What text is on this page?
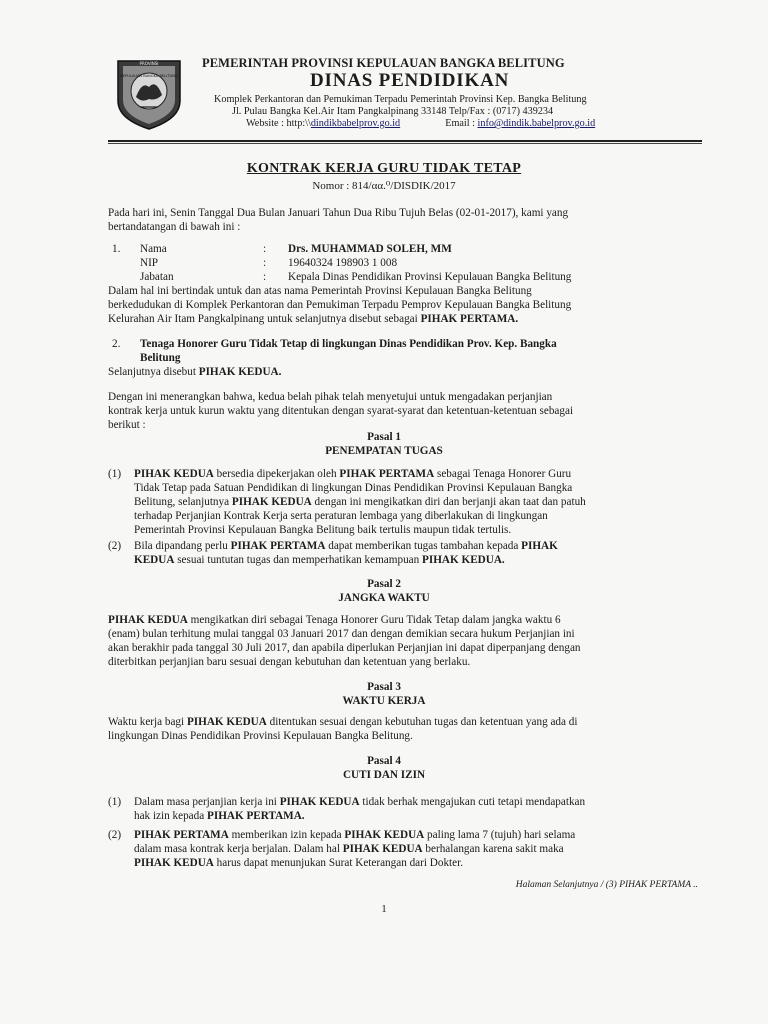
PROVINSI
KEPULAUAN BANGKA BELITUNG
PEMERINTAH PROVINSI KEPULAUAN BANGKA BELITUNG
DINAS PENDIDIKAN
Komplek Perkantoran dan Pemukiman Terpadu Pemerintah Provinsi Kep. Bangka Belitung
Jl. Pulau Bangka Kel.Air Itam Pangkalpinang 33148 Telp/Fax : (0717) 439234
Website : http:\\dindikbabelprov.go.id	Email : info@dindik.babelprov.go.id
KONTRAK KERJA GURU TIDAK TETAP
Nomor : 814/αα.⁰/DISDIK/2017
Pada hari ini, Senin Tanggal Dua Bulan Januari Tahun Dua Ribu Tujuh Belas (02-01-2017), kami yang
bertandatangan di bawah ini :
1. Nama	: Drs. MUHAMMAD SOLEH, MM
NIP	: 19640324 198903 1 008
Jabatan	: Kepala Dinas Pendidikan Provinsi Kepulauan Bangka Belitung
Dalam hal ini bertindak untuk dan atas nama Pemerintah Provinsi Kepulauan Bangka Belitung
berkedudukan di Komplek Perkantoran dan Pemukiman Terpadu Pemprov Kepulauan Bangka Belitung
Kelurahan Air Itam Pangkalpinang untuk selanjutnya disebut sebagai PIHAK PERTAMA.
2. Tenaga Honorer Guru Tidak Tetap di lingkungan Dinas Pendidikan Prov. Kep. Bangka
Belitung
Selanjutnya disebut PIHAK KEDUA.
Dengan ini menerangkan bahwa, kedua belah pihak telah menyetujui untuk mengadakan perjanjian
kontrak kerja untuk kurun waktu yang ditentukan dengan syarat-syarat dan ketentuan-ketentuan sebagai
berikut :
Pasal 1
PENEMPATAN TUGAS
(1) PIHAK KEDUA bersedia dipekerjakan oleh PIHAK PERTAMA sebagai Tenaga Honorer Guru
Tidak Tetap pada Satuan Pendidikan di lingkungan Dinas Pendidikan Provinsi Kepulauan Bangka
Belitung, selanjutnya PIHAK KEDUA dengan ini mengikatkan diri dan berjanji akan taat dan patuh
terhadap Perjanjian Kontrak Kerja serta peraturan lembaga yang diberlakukan di lingkungan
Pemerintah Provinsi Kepulauan Bangka Belitung baik tertulis maupun tidak tertulis.
(2) Bila dipandang perlu PIHAK PERTAMA dapat memberikan tugas tambahan kepada PIHAK
KEDUA sesuai tuntutan tugas dan memperhatikan kemampuan PIHAK KEDUA.
Pasal 2
JANGKA WAKTU
PIHAK KEDUA mengikatkan diri sebagai Tenaga Honorer Guru Tidak Tetap dalam jangka waktu 6
(enam) bulan terhitung mulai tanggal 03 Januari 2017 dan dengan demikian secara hukum Perjanjian ini
akan berakhir pada tanggal 30 Juli 2017, dan apabila diperlukan Perjanjian ini dapat diperpanjang dengan
diterbitkan perjanjian baru sesuai dengan kebutuhan dan ketentuan yang berlaku.
Pasal 3
WAKTU KERJA
Waktu kerja bagi PIHAK KEDUA ditentukan sesuai dengan kebutuhan tugas dan ketentuan yang ada di
lingkungan Dinas Pendidikan Provinsi Kepulauan Bangka Belitung.
Pasal 4
CUTI DAN IZIN
(1) Dalam masa perjanjian kerja ini PIHAK KEDUA tidak berhak mengajukan cuti tetapi mendapatkan
hak izin kepada PIHAK PERTAMA.
(2) PIHAK PERTAMA memberikan izin kepada PIHAK KEDUA paling lama 7 (tujuh) hari selama
dalam masa kontrak kerja berjalan. Dalam hal PIHAK KEDUA berhalangan karena sakit maka
PIHAK KEDUA harus dapat menunjukan Surat Keterangan dari Dokter.
Halaman Selanjutnya / (3) PIHAK PERTAMA ..
1
